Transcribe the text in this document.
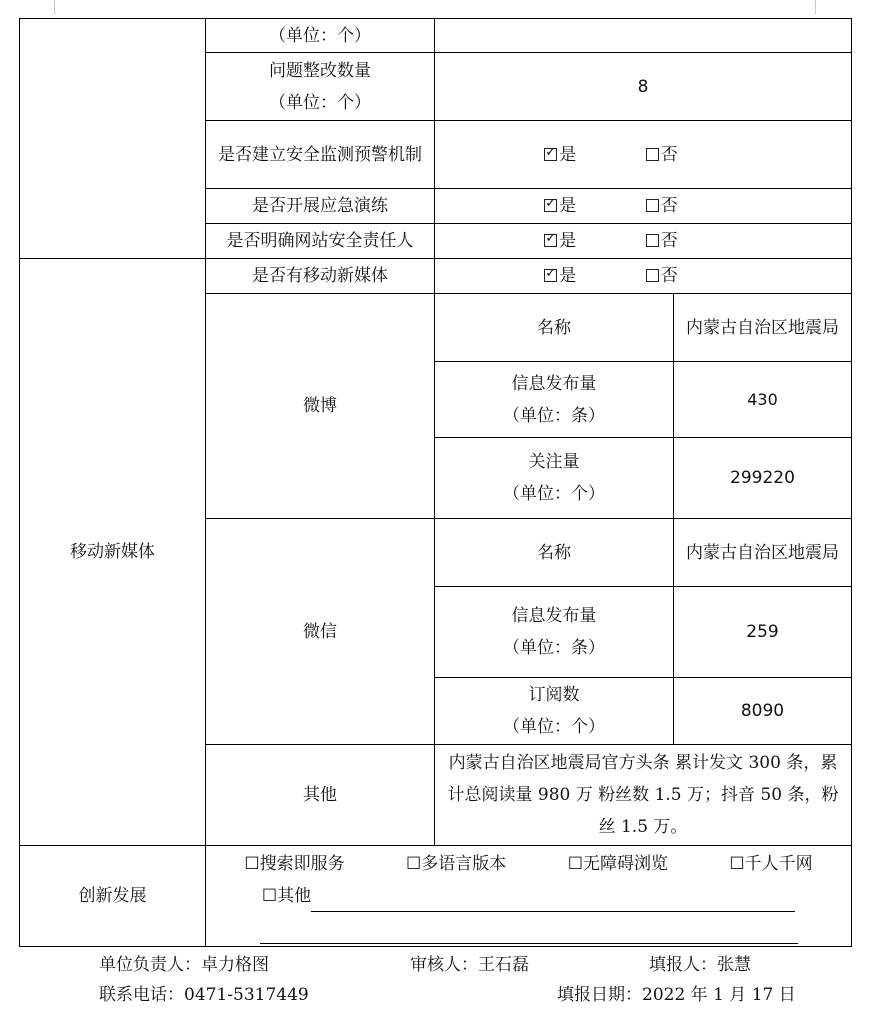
	（单位：个）		
	问题整改数量
（单位：个）	8	
	是否建立安全监测预警机制	✓是 否
	是否开展应急演练	✓是 否
	是否明确网站安全责任人	✓是 否
移动新媒体	是否有移动新媒体	✓是 否
	微博	名称	内蒙古自治区地震局
		信息发布量
（单位：条）	430
		关注量
（单位：个）	299220
	微信	名称	内蒙古自治区地震局
		信息发布量
（单位：条）	259
		订阅数
（单位：个）	8090
	其他	内蒙古自治区地震局官方头条 累计发文 300 条，累计总阅读量 980 万 粉丝数 1.5 万；抖音 50 条，粉丝 1.5 万。	
创新发展	☐搜索即服务 ☐多语言版本 ☐无障碍浏览 ☐千人千网
☐其他		
单位负责人：卓力格图	审核人：王石磊	填报人：张慧
联系电话：0471-5317449	填报日期：2022 年 1 月 17 日
